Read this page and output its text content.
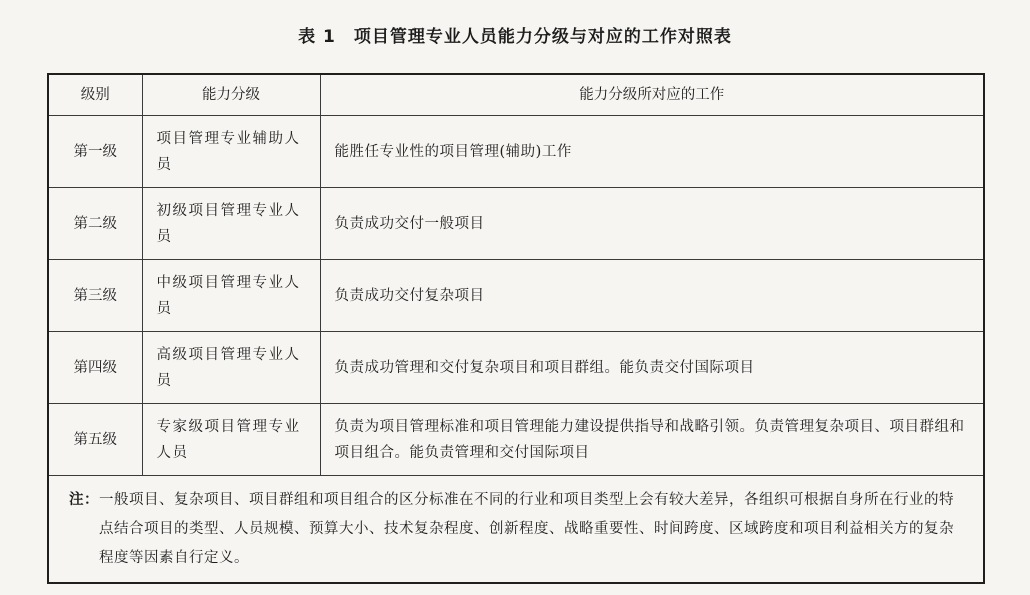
表 1 项目管理专业人员能力分级与对应的工作对照表
级别	能力分级	能力分级所对应的工作
第一级	项目管理专业辅助人员	能胜任专业性的项目管理(辅助)工作
第二级	初级项目管理专业人员	负责成功交付一般项目
第三级	中级项目管理专业人员	负责成功交付复杂项目
第四级	高级项目管理专业人员	负责成功管理和交付复杂项目和项目群组。能负责交付国际项目
第五级	专家级项目管理专业人员	负责为项目管理标准和项目管理能力建设提供指导和战略引领。负责管理复杂项目、项目群组和项目组合。能负责管理和交付国际项目
注：一般项目、复杂项目、项目群组和项目组合的区分标准在不同的行业和项目类型上会有较大差异，各组织可根据自身所在行业的特点结合项目的类型、人员规模、预算大小、技术复杂程度、创新程度、战略重要性、时间跨度、区域跨度和项目利益相关方的复杂程度等因素自行定义。		
